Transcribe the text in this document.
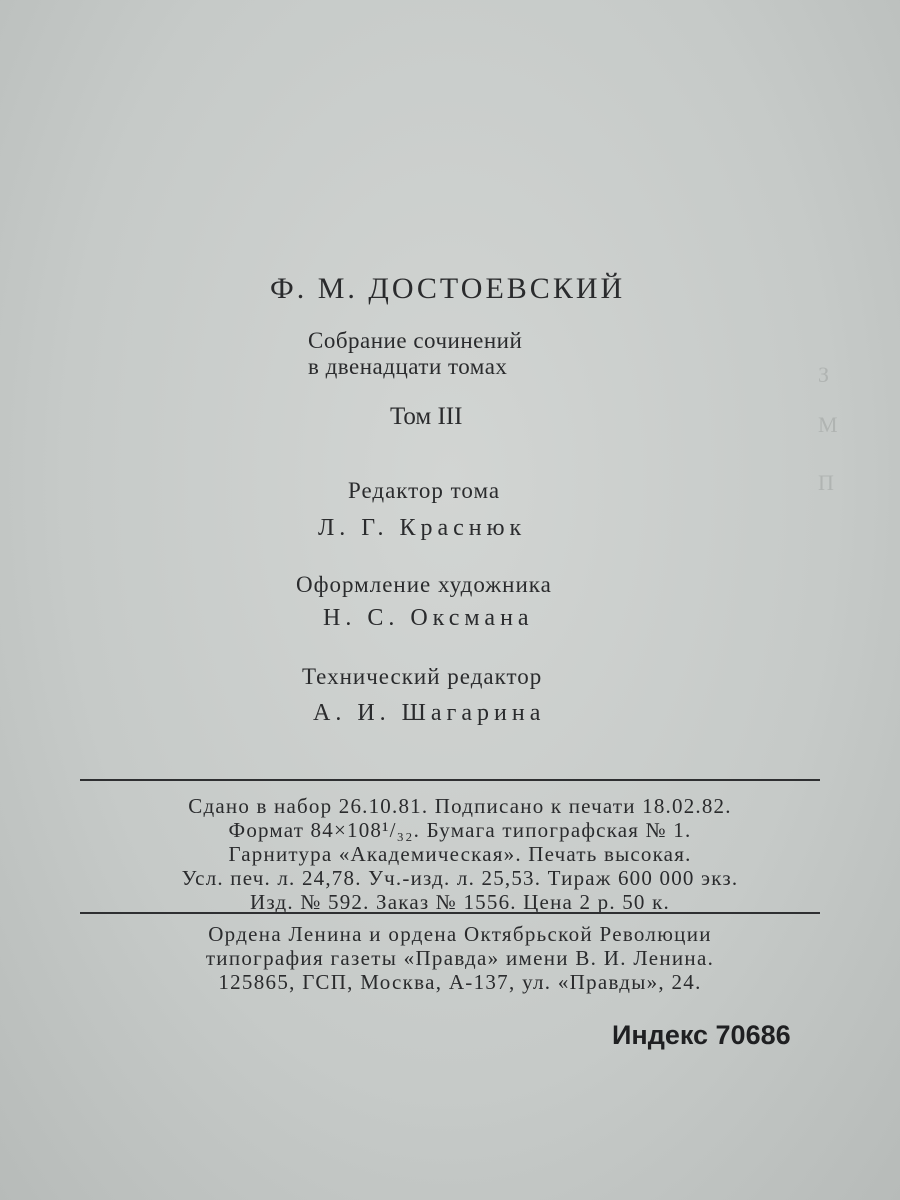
З
М
П
Ф. М. ДОСТОЕВСКИЙ
Собрание сочинений
в двенадцати томах
Том III
Редактор тома
Л. Г. Краснюк
Оформление художника
Н. С. Оксмана
Технический редактор
А. И. Шагарина
Сдано в набор 26.10.81. Подписано к печати 18.02.82.
Формат 84×108¹/₃₂. Бумага типографская № 1.
Гарнитура «Академическая». Печать высокая.
Усл. печ. л. 24,78. Уч.-изд. л. 25,53. Тираж 600 000 экз.
Изд. № 592. Заказ № 1556. Цена 2 р. 50 к.
Ордена Ленина и ордена Октябрьской Революции
типография газеты «Правда» имени В. И. Ленина.
125865, ГСП, Москва, А-137, ул. «Правды», 24.
Индекс 70686
